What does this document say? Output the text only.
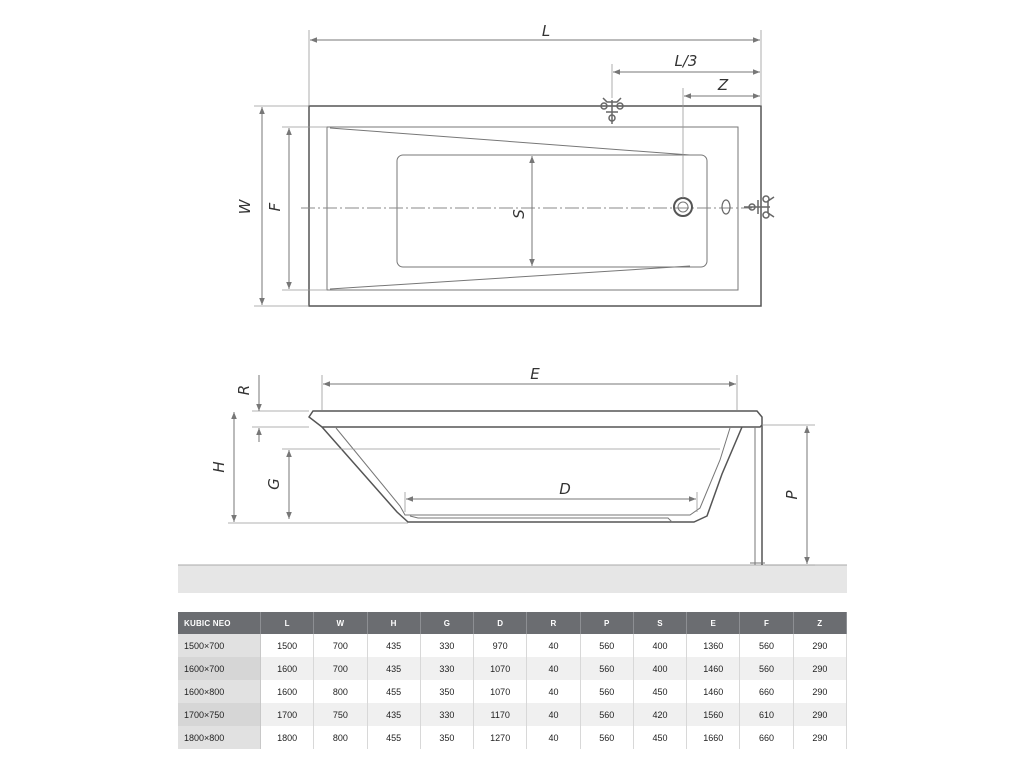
L
L/3
Z
W F
S
R
H
G
E
D	P
KUBIC NEO	L	W	H	G	D	R	P	S	E	F	Z
1500×700	1500	700	435	330	970	40	560	400	1360	560	290
1600×700	1600	700	435	330	1070	40	560	400	1460	560	290
1600×800	1600	800	455	350	1070	40	560	450	1460	660	290
1700×750	1700	750	435	330	1170	40	560	420	1560	610	290
1800×800	1800	800	455	350	1270	40	560	450	1660	660	290
